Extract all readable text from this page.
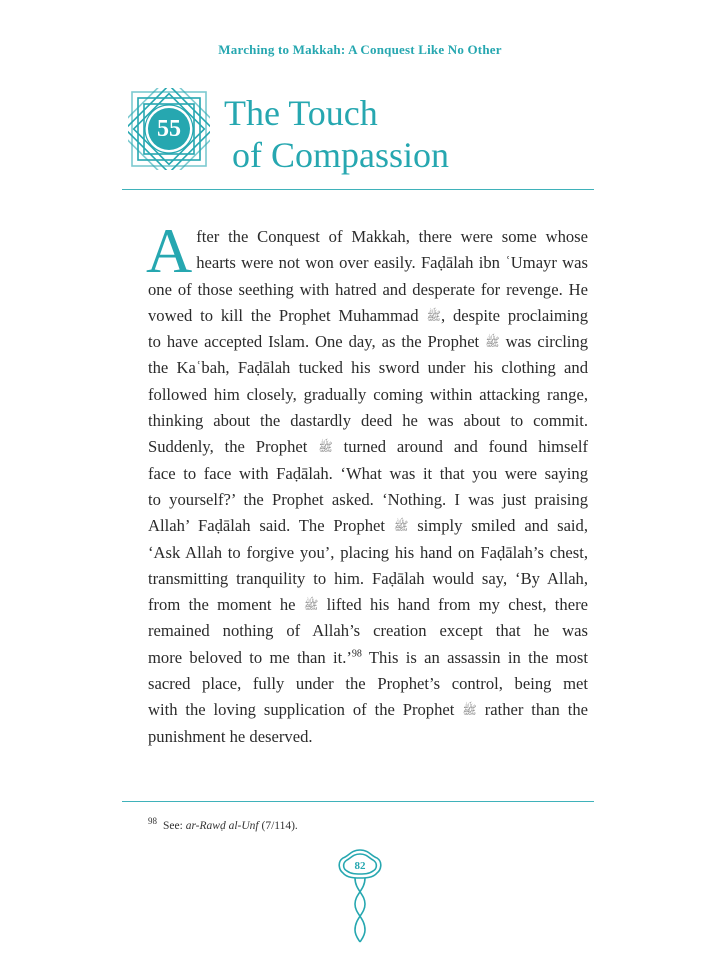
Marching to Makkah: A Conquest Like No Other
55	The Touch
of Compassion
A fter the Conquest of Makkah, there were some whose
hearts were not won over easily. Faḍālah ibn ʿUmayr was
one of those seething with hatred and desperate for revenge. He
vowed to kill the Prophet Muhammad ﷺ, despite proclaiming
to have accepted Islam. One day, as the Prophet ﷺ was circling
the Kaʿbah, Faḍālah tucked his sword under his clothing and
followed him closely, gradually coming within attacking range,
thinking about the dastardly deed he was about to commit.
Suddenly, the Prophet ﷺ turned around and found himself
face to face with Faḍālah. ‘What was it that you were saying
to yourself?’ the Prophet asked. ‘Nothing. I was just praising
Allah’ Faḍālah said. The Prophet ﷺ simply smiled and said,
‘Ask Allah to forgive you’, placing his hand on Faḍālah’s chest,
transmitting tranquility to him. Faḍālah would say, ‘By Allah,
from the moment he ﷺ lifted his hand from my chest, there
remained nothing of Allah’s creation except that he was
more beloved to me than it.’$^{98}$ This is an assassin in the most
sacred place, fully under the Prophet’s control, being met
with the loving supplication of the Prophet ﷺ rather than the
punishment he deserved.

$^{98}$ See: ar-Rawḍ al-Unf (7/114).

82
